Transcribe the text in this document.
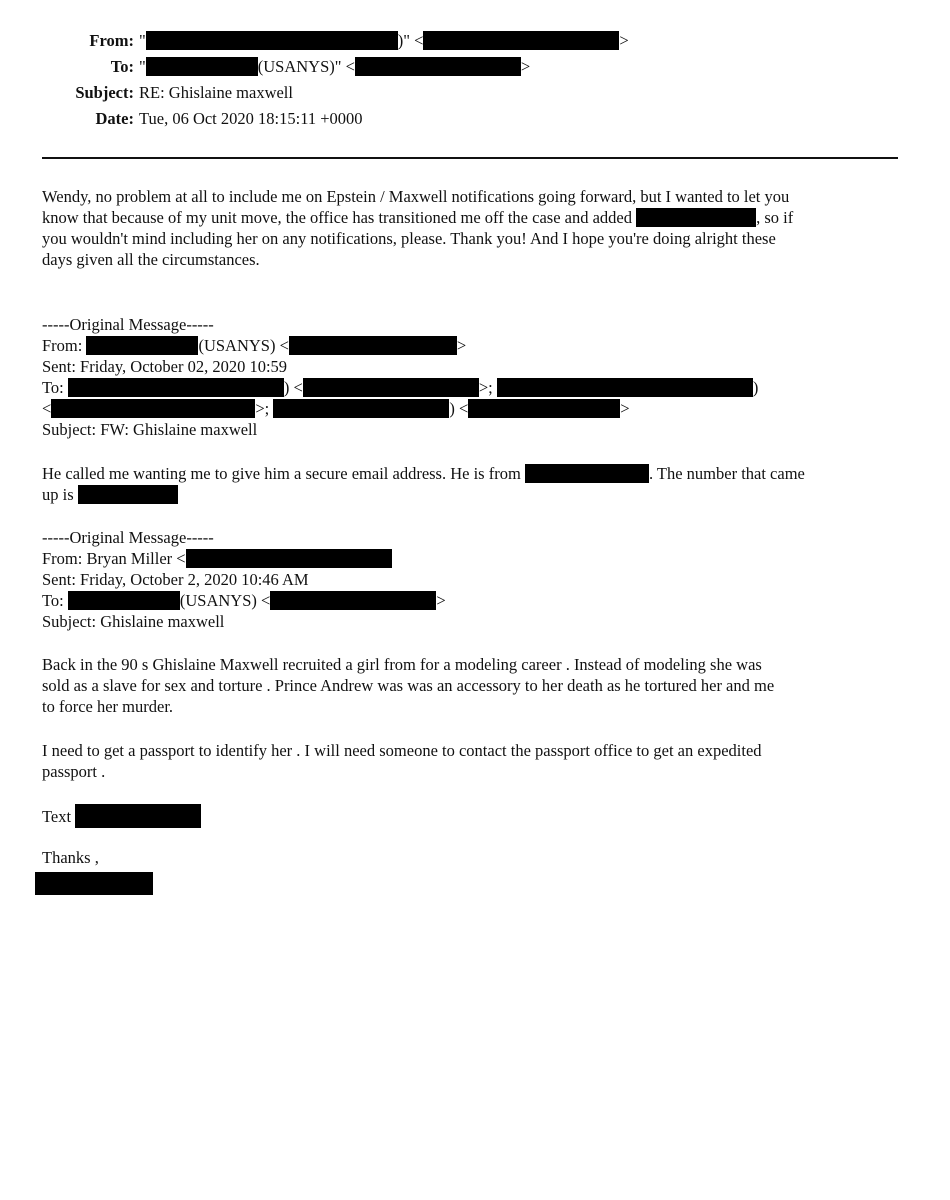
From: "	)" <	>
To: "	(USANYS)" <	>
Subject: RE: Ghislaine maxwell
Date: Tue, 06 Oct 2020 18:15:11 +0000
Wendy, no problem at all to include me on Epstein / Maxwell notifications going forward, but I wanted to let you
know that because of my unit move, the office has transitioned me off the case and added	, so if
you wouldn't mind including her on any notifications, please. Thank you! And I hope you're doing alright these
days given all the circumstances.
-----Original Message-----
From:	(USANYS) <	>
Sent: Friday, October 02, 2020 10:59
To:	) <	>;	)
<	>;	) <	>
Subject: FW: Ghislaine maxwell
He called me wanting me to give him a secure email address. He is from	. The number that came
up is
-----Original Message-----
From: Bryan Miller <
Sent: Friday, October 2, 2020 10:46 AM
To:	(USANYS) <	>
Subject: Ghislaine maxwell
Back in the 90 s Ghislaine Maxwell recruited a girl from for a modeling career . Instead of modeling she was
sold as a slave for sex and torture . Prince Andrew was was an accessory to her death as he tortured her and me
to force her murder.
I need to get a passport to identify her . I will need someone to contact the passport office to get an expedited
passport .
Text
Thanks ,
